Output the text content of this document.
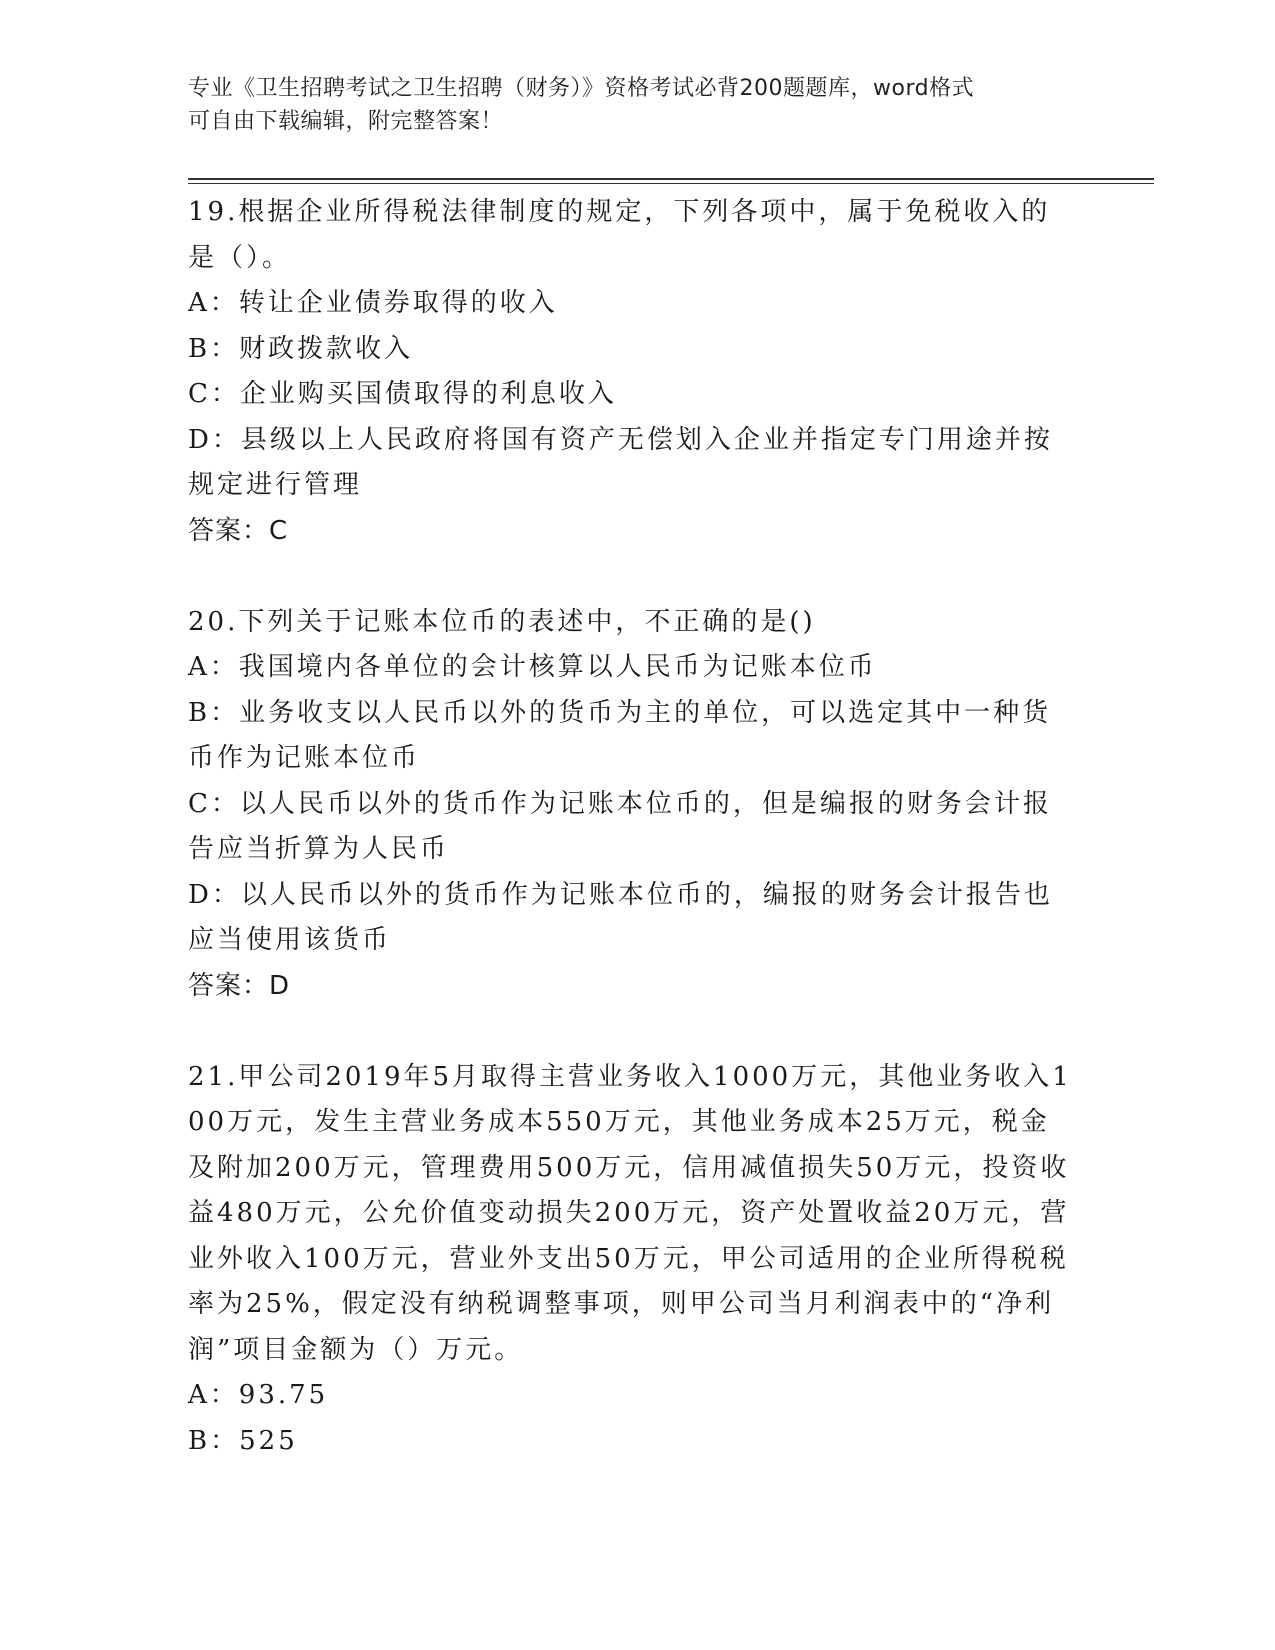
专业《卫生招聘考试之卫生招聘（财务）》资格考试必背200题题库，word格式
可自由下载编辑，附完整答案！

19.根据企业所得税法律制度的规定，下列各项中，属于免税收入的是（）。

A：转让企业债券取得的收入

B：财政拨款收入

C：企业购买国债取得的利息收入

D：县级以上人民政府将国有资产无偿划入企业并指定专门用途并按规定进行管理

答案：C

20.下列关于记账本位币的表述中，不正确的是()

A：我国境内各单位的会计核算以人民币为记账本位币

B：业务收支以人民币以外的货币为主的单位，可以选定其中一种货币作为记账本位币

C：以人民币以外的货币作为记账本位币的，但是编报的财务会计报告应当折算为人民币

D：以人民币以外的货币作为记账本位币的，编报的财务会计报告也应当使用该货币

答案：D

21.甲公司2019年5月取得主营业务收入1000万元，其他业务收入100万元，发生主营业务成本550万元，其他业务成本25万元，税金及附加200万元，管理费用500万元，信用减值损失50万元，投资收益480万元，公允价值变动损失200万元，资产处置收益20万元，营业外收入100万元，营业外支出50万元，甲公司适用的企业所得税税率为25%，假定没有纳税调整事项，则甲公司当月利润表中的“净利润”项目金额为（）万元。

A：93.75

B：525
